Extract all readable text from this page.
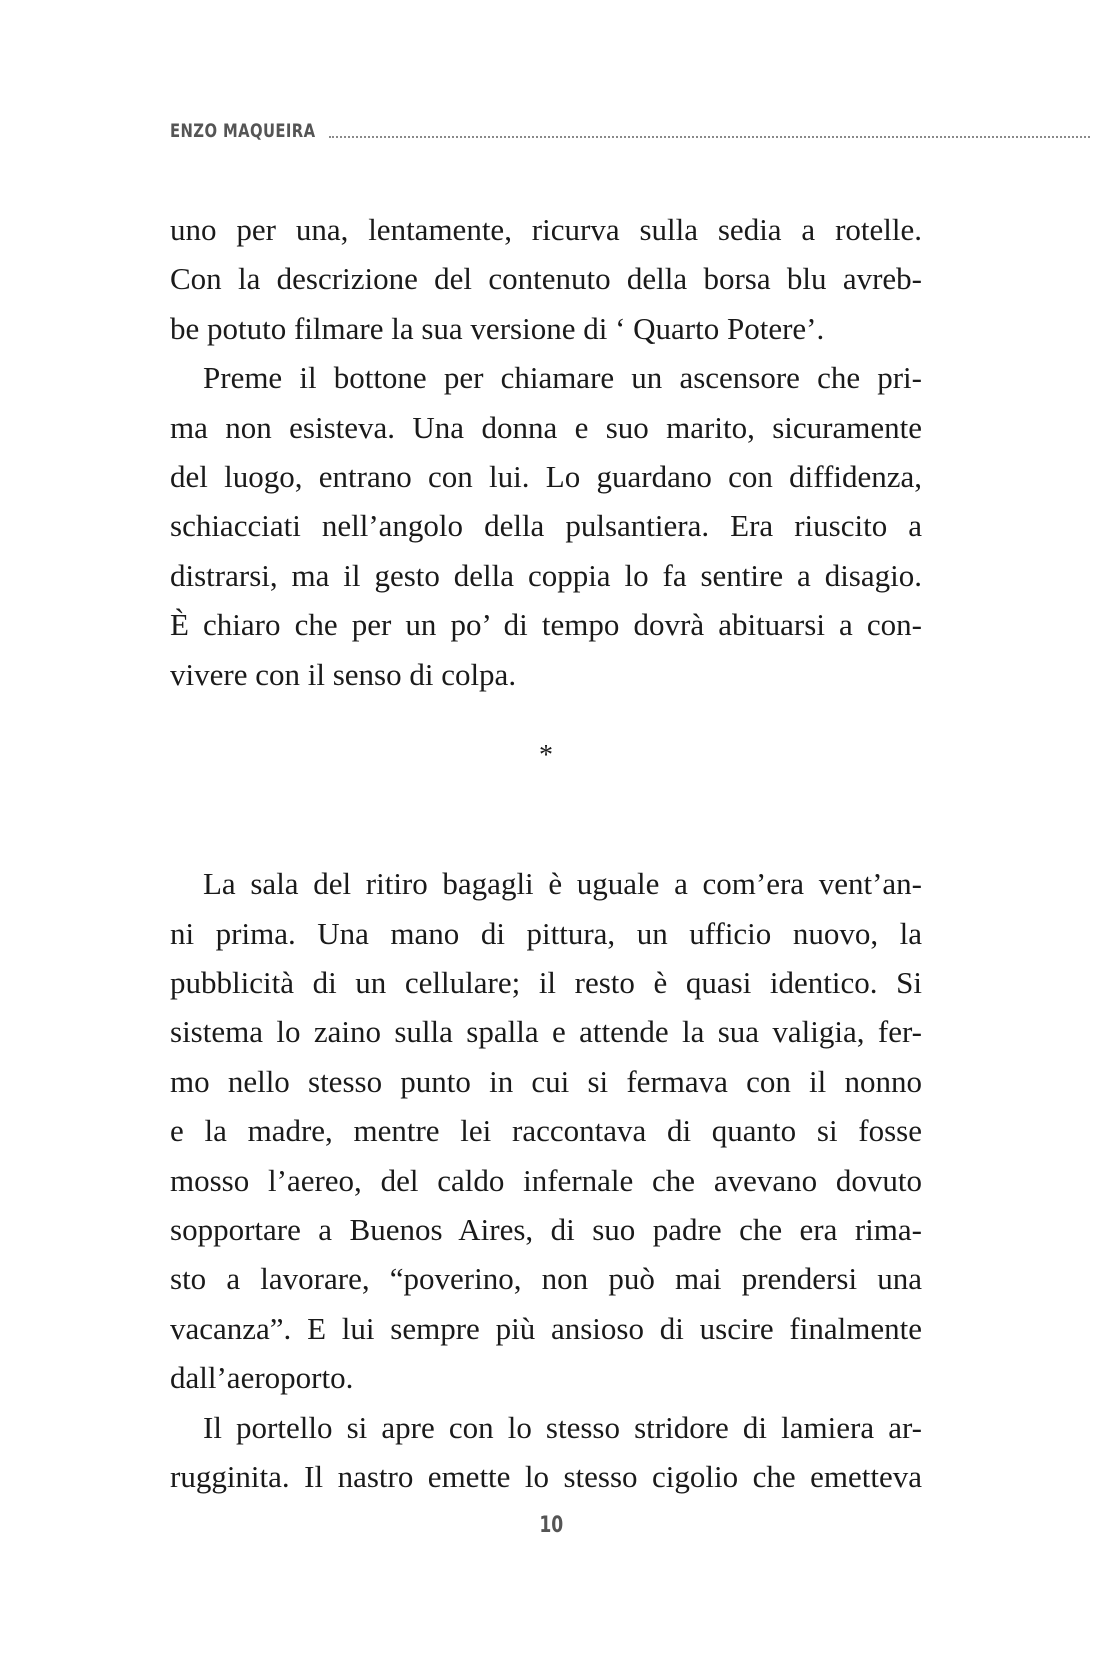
ENZO MAQUEIRA
uno per una, lentamente, ricurva sulla sedia a rotelle.
Con la descrizione del contenuto della borsa blu avreb-
be potuto filmare la sua versione di ‘ Quarto Potere’.
Preme il bottone per chiamare un ascensore che pri-
ma non esisteva. Una donna e suo marito, sicuramente
del luogo, entrano con lui. Lo guardano con diffidenza,
schiacciati nell’angolo della pulsantiera. Era riuscito a
distrarsi, ma il gesto della coppia lo fa sentire a disagio.
È chiaro che per un po’ di tempo dovrà abituarsi a con-
vivere con il senso di colpa.
*
La sala del ritiro bagagli è uguale a com’era vent’an-
ni prima. Una mano di pittura, un ufficio nuovo, la
pubblicità di un cellulare; il resto è quasi identico. Si
sistema lo zaino sulla spalla e attende la sua valigia, fer-
mo nello stesso punto in cui si fermava con il nonno
e la madre, mentre lei raccontava di quanto si fosse
mosso l’aereo, del caldo infernale che avevano dovuto
sopportare a Buenos Aires, di suo padre che era rima-
sto a lavorare, “poverino, non può mai prendersi una
vacanza”. E lui sempre più ansioso di uscire finalmente
dall’aeroporto.
Il portello si apre con lo stesso stridore di lamiera ar-
rugginita. Il nastro emette lo stesso cigolio che emetteva
10
